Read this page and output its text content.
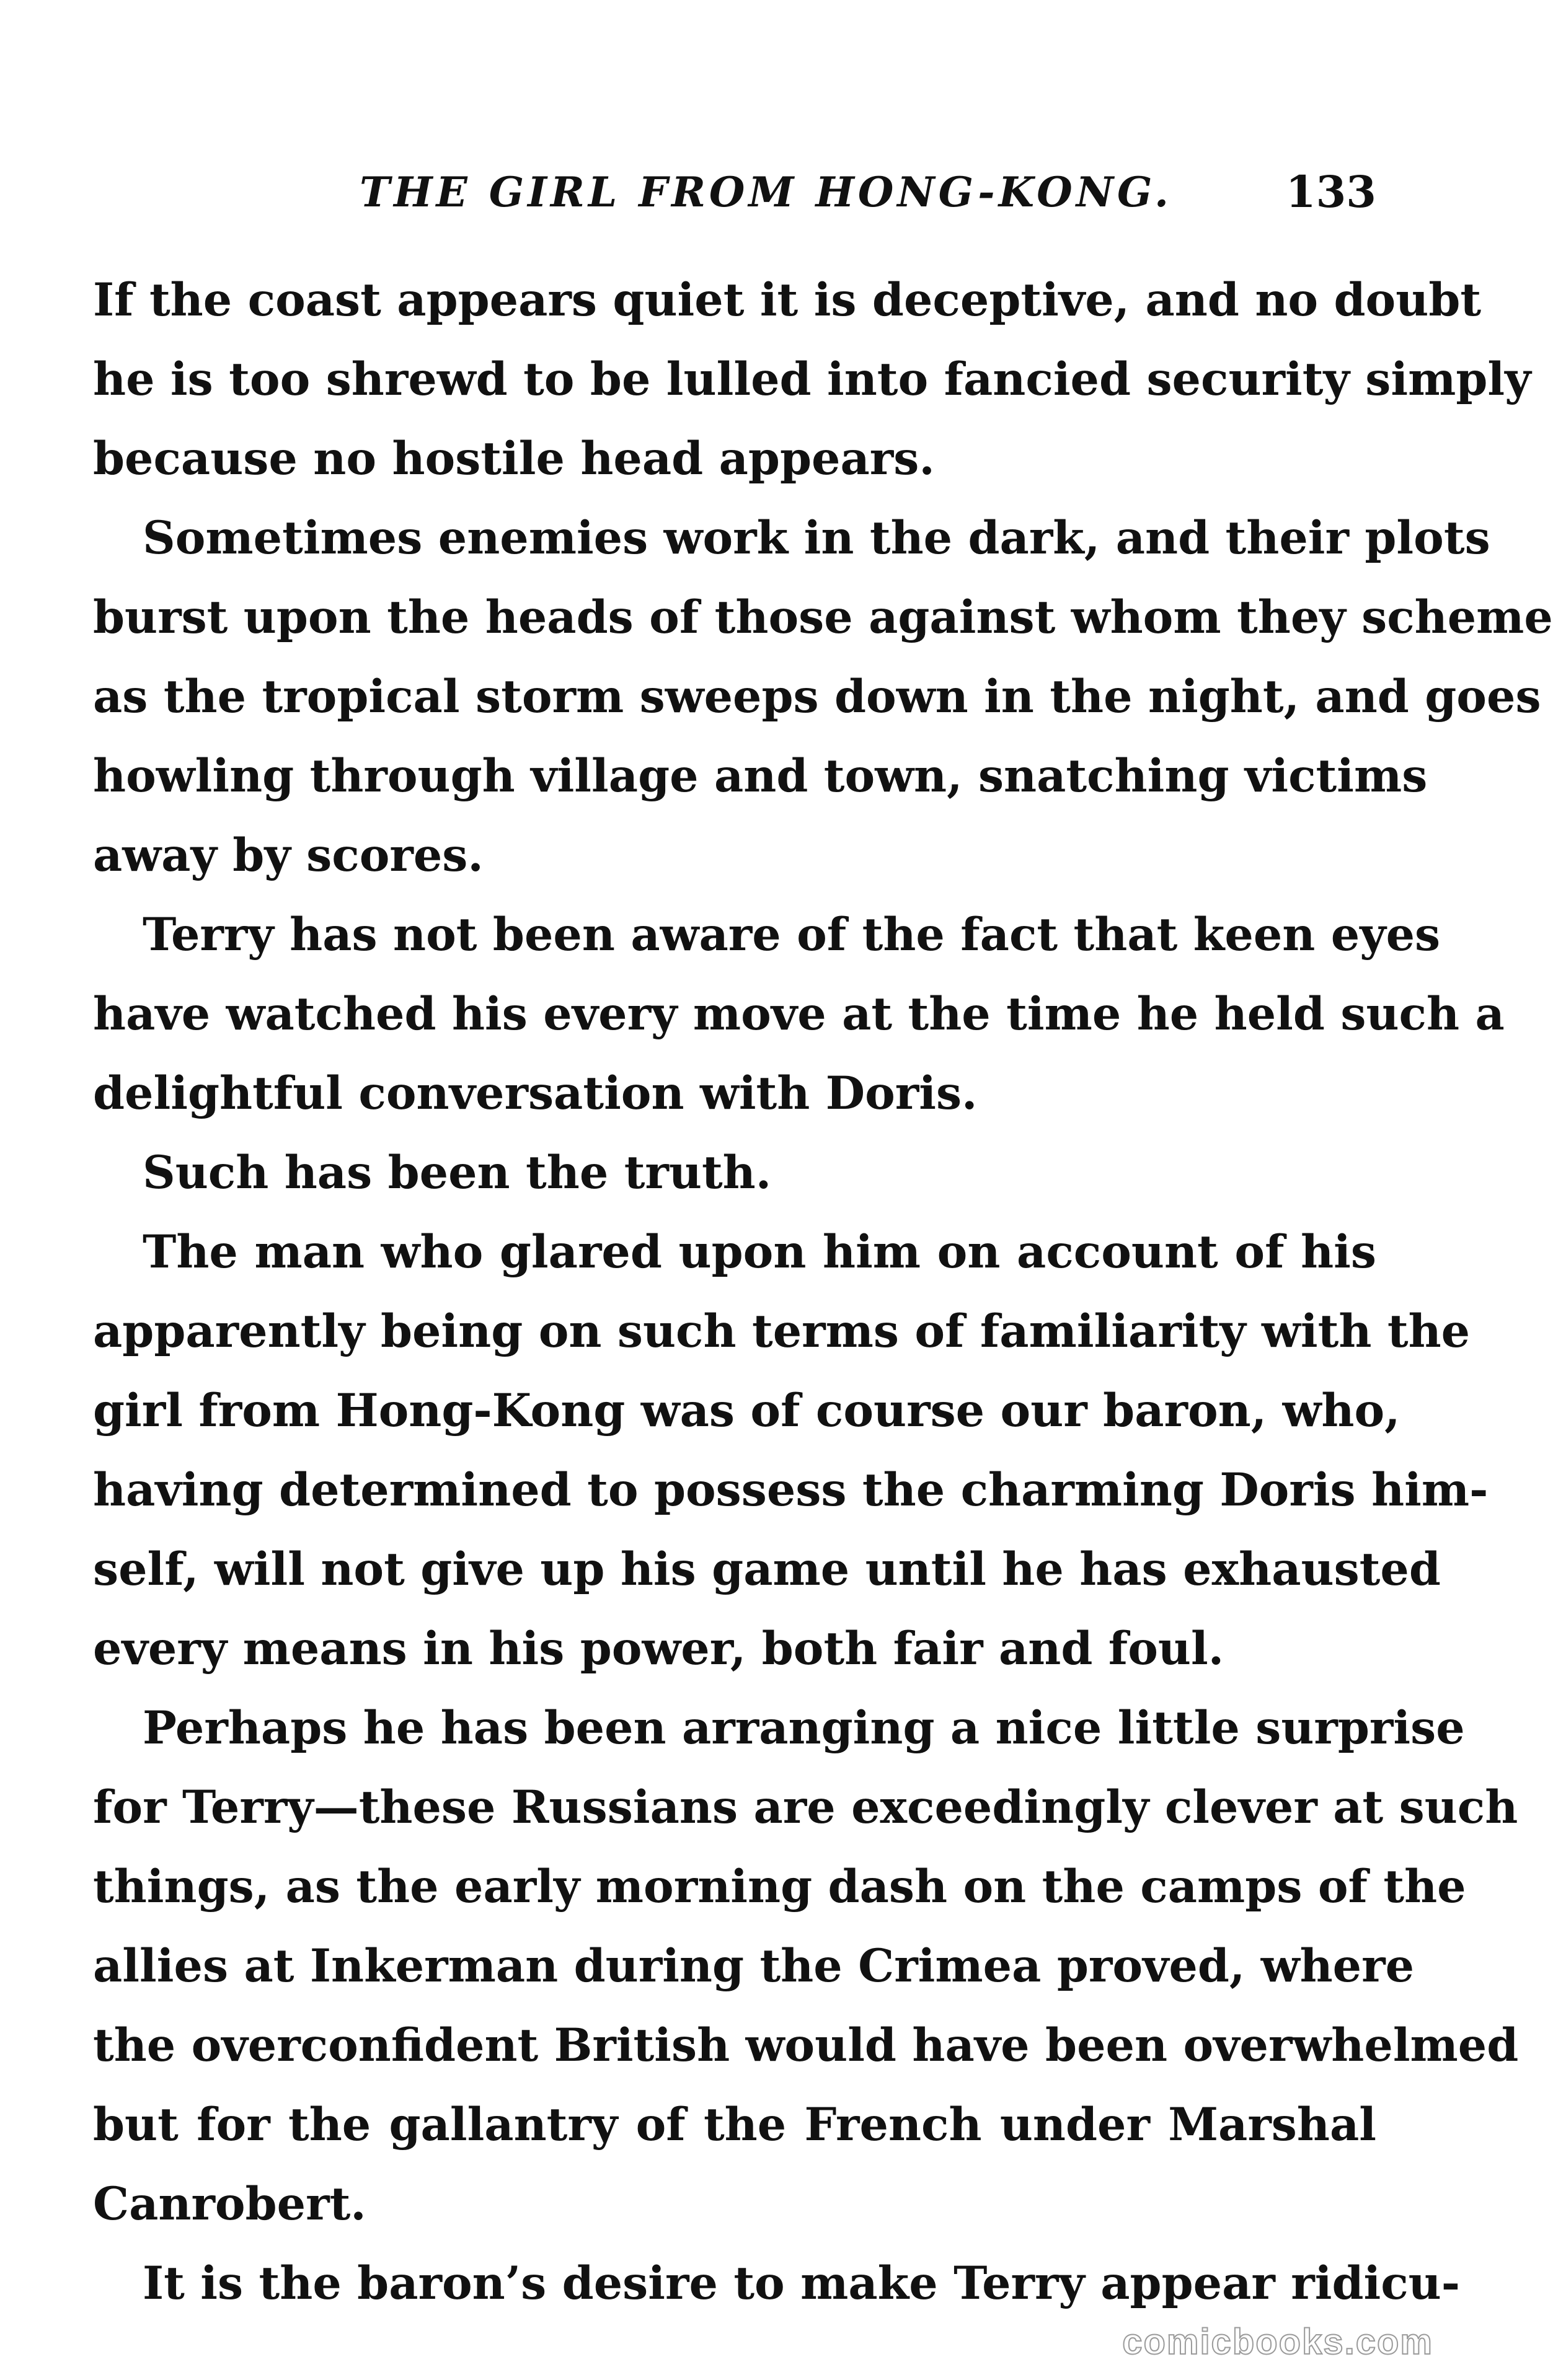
THE GIRL FROM HONG-KONG.	133
If the coast appears quiet it is deceptive, and no doubt
he is too shrewd to be lulled into fancied security simply
because no hostile head appears.
Sometimes enemies work in the dark, and their plots
burst upon the heads of those against whom they scheme
as the tropical storm sweeps down in the night, and goes
howling through village and town, snatching victims
away by scores.
Terry has not been aware of the fact that keen eyes
have watched his every move at the time he held such a
delightful conversation with Doris.
Such has been the truth.
The man who glared upon him on account of his
apparently being on such terms of familiarity with the
girl from Hong-Kong was of course our baron, who,
having determined to possess the charming Doris him-
self, will not give up his game until he has exhausted
every means in his power, both fair and foul.
Perhaps he has been arranging a nice little surprise
for Terry—these Russians are exceedingly clever at such
things, as the early morning dash on the camps of the
allies at Inkerman during the Crimea proved, where
the overconfident British would have been overwhelmed
but for the gallantry of the French under Marshal
Canrobert.
It is the baron’s desire to make Terry appear ridicu-
comicbooks.com
